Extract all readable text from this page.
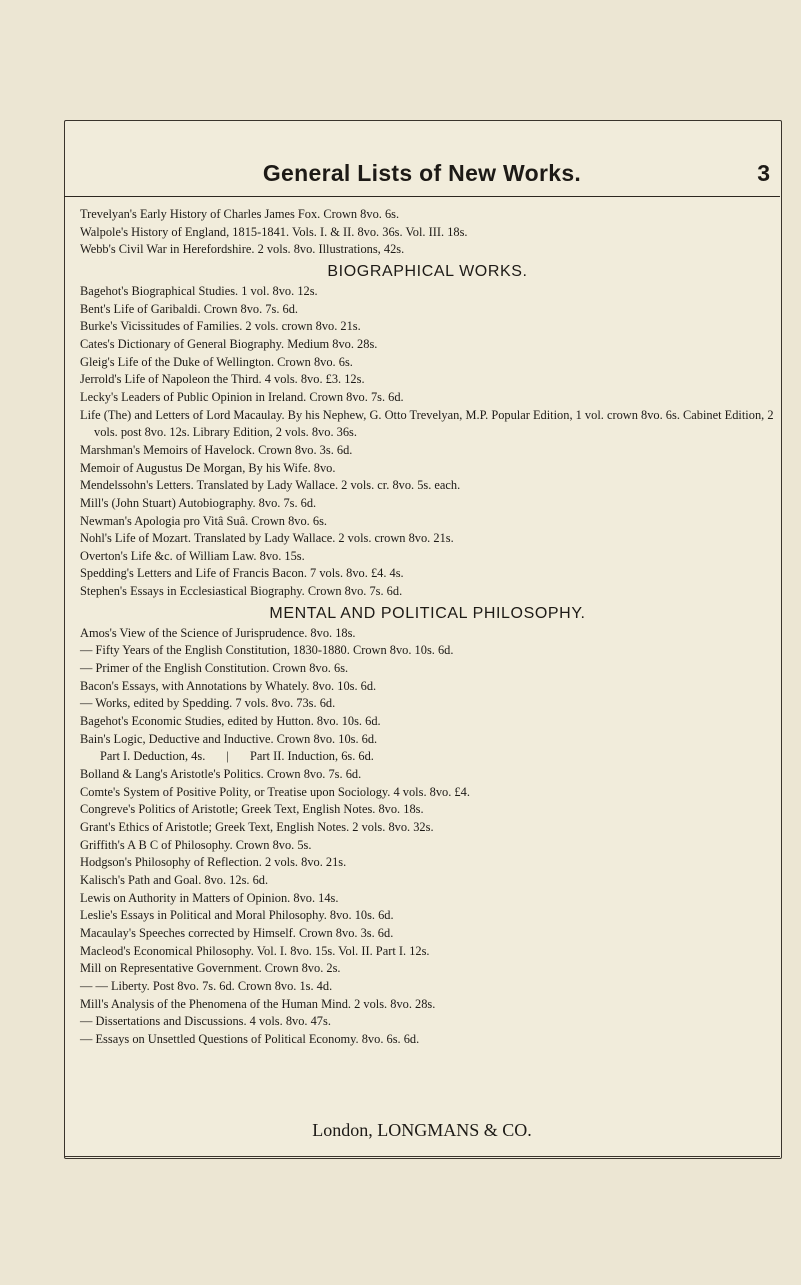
General Lists of New Works.	3
Trevelyan's Early History of Charles James Fox. Crown 8vo. 6s.
Walpole's History of England, 1815-1841. Vols. I. & II. 8vo. 36s. Vol. III. 18s.
Webb's Civil War in Herefordshire. 2 vols. 8vo. Illustrations, 42s.
BIOGRAPHICAL WORKS.
Bagehot's Biographical Studies. 1 vol. 8vo. 12s.
Bent's Life of Garibaldi. Crown 8vo. 7s. 6d.
Burke's Vicissitudes of Families. 2 vols. crown 8vo. 21s.
Cates's Dictionary of General Biography. Medium 8vo. 28s.
Gleig's Life of the Duke of Wellington. Crown 8vo. 6s.
Jerrold's Life of Napoleon the Third. 4 vols. 8vo. £3. 12s.
Lecky's Leaders of Public Opinion in Ireland. Crown 8vo. 7s. 6d.
Life (The) and Letters of Lord Macaulay. By his Nephew, G. Otto Trevelyan, M.P. Popular Edition, 1 vol. crown 8vo. 6s. Cabinet Edition, 2 vols. post 8vo. 12s. Library Edition, 2 vols. 8vo. 36s.
Marshman's Memoirs of Havelock. Crown 8vo. 3s. 6d.
Memoir of Augustus De Morgan, By his Wife. 8vo.
Mendelssohn's Letters. Translated by Lady Wallace. 2 vols. cr. 8vo. 5s. each.
Mill's (John Stuart) Autobiography. 8vo. 7s. 6d.
Newman's Apologia pro Vitâ Suâ. Crown 8vo. 6s.
Nohl's Life of Mozart. Translated by Lady Wallace. 2 vols. crown 8vo. 21s.
Overton's Life &c. of William Law. 8vo. 15s.
Spedding's Letters and Life of Francis Bacon. 7 vols. 8vo. £4. 4s.
Stephen's Essays in Ecclesiastical Biography. Crown 8vo. 7s. 6d.
MENTAL AND POLITICAL PHILOSOPHY.
Amos's View of the Science of Jurisprudence. 8vo. 18s.
— Fifty Years of the English Constitution, 1830-1880. Crown 8vo. 10s. 6d.
— Primer of the English Constitution. Crown 8vo. 6s.
Bacon's Essays, with Annotations by Whately. 8vo. 10s. 6d.
— Works, edited by Spedding. 7 vols. 8vo. 73s. 6d.
Bagehot's Economic Studies, edited by Hutton. 8vo. 10s. 6d.
Bain's Logic, Deductive and Inductive. Crown 8vo. 10s. 6d.
Part I. Deduction, 4s. | Part II. Induction, 6s. 6d.
Bolland & Lang's Aristotle's Politics. Crown 8vo. 7s. 6d.
Comte's System of Positive Polity, or Treatise upon Sociology. 4 vols. 8vo. £4.
Congreve's Politics of Aristotle; Greek Text, English Notes. 8vo. 18s.
Grant's Ethics of Aristotle; Greek Text, English Notes. 2 vols. 8vo. 32s.
Griffith's A B C of Philosophy. Crown 8vo. 5s.
Hodgson's Philosophy of Reflection. 2 vols. 8vo. 21s.
Kalisch's Path and Goal. 8vo. 12s. 6d.
Lewis on Authority in Matters of Opinion. 8vo. 14s.
Leslie's Essays in Political and Moral Philosophy. 8vo. 10s. 6d.
Macaulay's Speeches corrected by Himself. Crown 8vo. 3s. 6d.
Macleod's Economical Philosophy. Vol. I. 8vo. 15s. Vol. II. Part I. 12s.
Mill on Representative Government. Crown 8vo. 2s.
— — Liberty. Post 8vo. 7s. 6d. Crown 8vo. 1s. 4d.
Mill's Analysis of the Phenomena of the Human Mind. 2 vols. 8vo. 28s.
— Dissertations and Discussions. 4 vols. 8vo. 47s.
— Essays on Unsettled Questions of Political Economy. 8vo. 6s. 6d.
London, LONGMANS & CO.
